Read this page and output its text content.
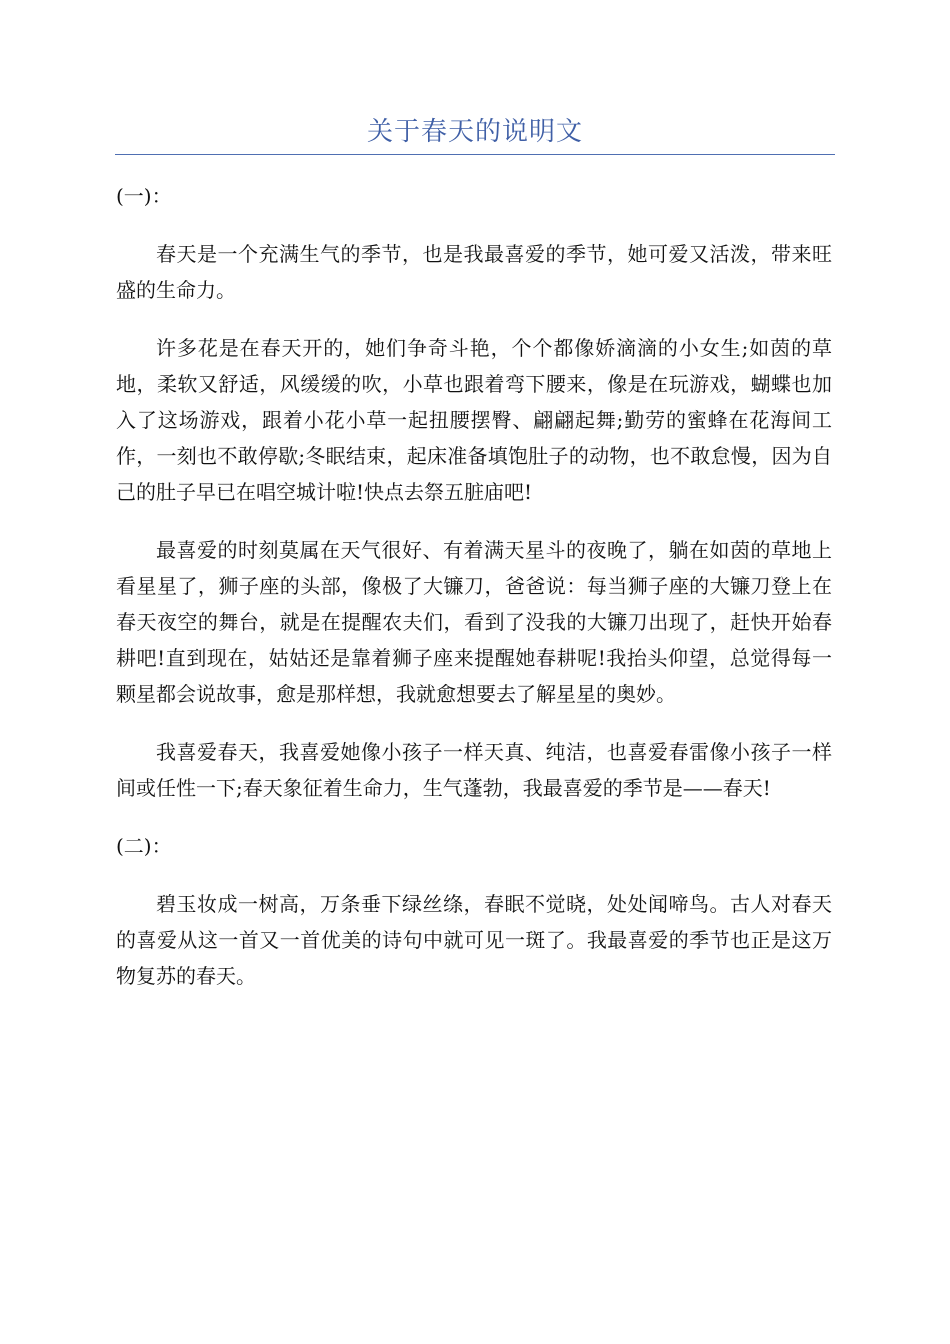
关于春天的说明文

(一)：

春天是一个充满生气的季节，也是我最喜爱的季节，她可爱又活泼，带来旺盛的生命力。

许多花是在春天开的，她们争奇斗艳，个个都像娇滴滴的小女生;如茵的草地，柔软又舒适，风缓缓的吹，小草也跟着弯下腰来，像是在玩游戏，蝴蝶也加入了这场游戏，跟着小花小草一起扭腰摆臀、翩翩起舞;勤劳的蜜蜂在花海间工作，一刻也不敢停歇;冬眠结束，起床准备填饱肚子的动物，也不敢怠慢，因为自己的肚子早已在唱空城计啦!快点去祭五脏庙吧!

最喜爱的时刻莫属在天气很好、有着满天星斗的夜晚了，躺在如茵的草地上看星星了，狮子座的头部，像极了大镰刀，爸爸说：每当狮子座的大镰刀登上在春天夜空的舞台，就是在提醒农夫们，看到了没我的大镰刀出现了，赶快开始春耕吧!直到现在，姑姑还是靠着狮子座来提醒她春耕呢!我抬头仰望，总觉得每一颗星都会说故事，愈是那样想，我就愈想要去了解星星的奥妙。

我喜爱春天，我喜爱她像小孩子一样天真、纯洁，也喜爱春雷像小孩子一样间或任性一下;春天象征着生命力，生气蓬勃，我最喜爱的季节是——春天!

(二)：

碧玉妆成一树高，万条垂下绿丝绦，春眠不觉晓，处处闻啼鸟。古人对春天的喜爱从这一首又一首优美的诗句中就可见一斑了。我最喜爱的季节也正是这万物复苏的春天。
